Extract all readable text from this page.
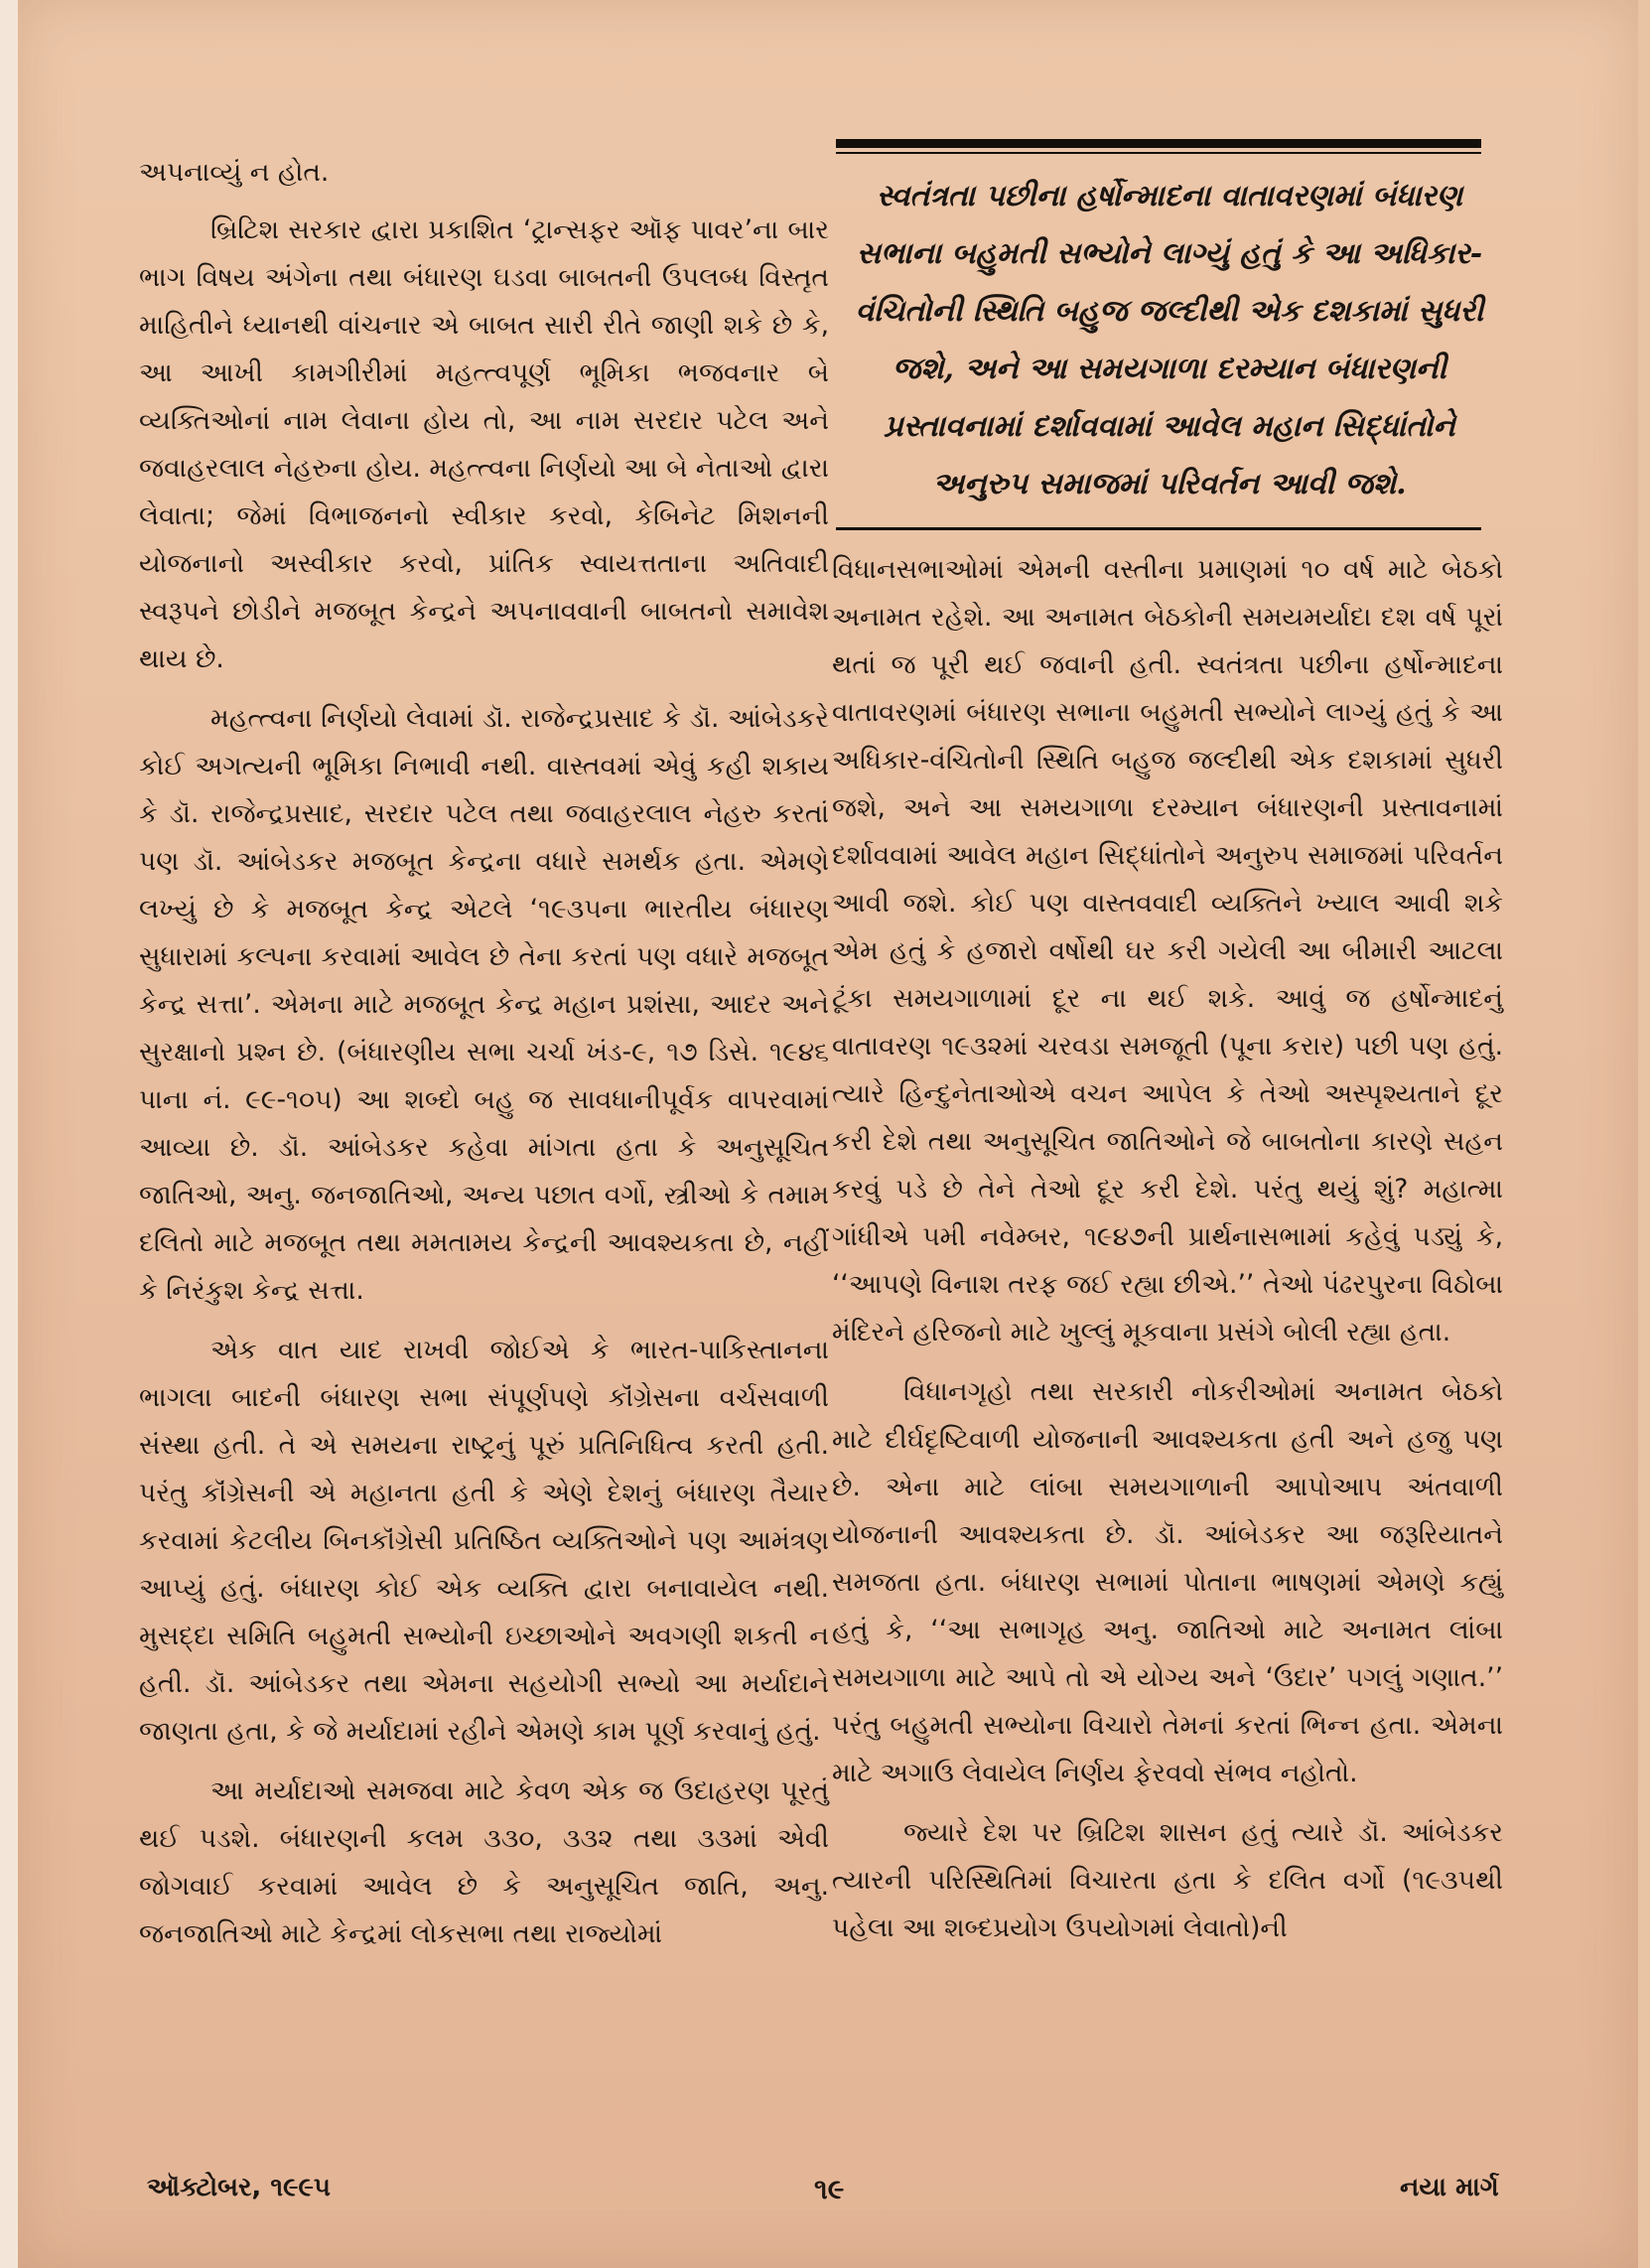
અપનાવ્યું ન હોત.

બ્રિટિશ સરકાર દ્વારા પ્રકાશિત ‘ટ્રાન્સફર ઑફ પાવર’ના બાર ભાગ વિષય અંગેના તથા બંધારણ ઘડવા બાબતની ઉપલબ્ધ વિસ્તૃત માહિતીને ધ્યાનથી વાંચનાર એ બાબત સારી રીતે જાણી શકે છે કે, આ આખી કામગીરીમાં મહત્ત્વપૂર્ણ ભૂમિકા ભજવનાર બે વ્યક્તિઓનાં નામ લેવાના હોય તો, આ નામ સરદાર પટેલ અને જવાહરલાલ નેહરુના હોય. મહત્ત્વના નિર્ણયો આ બે નેતાઓ દ્વારા લેવાતા; જેમાં વિભાજનનો સ્વીકાર કરવો, કેબિનેટ મિશનની યોજનાનો અસ્વીકાર કરવો, પ્રાંતિક સ્વાયત્તતાના અતિવાદી સ્વરૂપને છોડીને મજબૂત કેન્દ્રને અપનાવવાની બાબતનો સમાવેશ થાય છે.

મહત્ત્વના નિર્ણયો લેવામાં ડૉ. રાજેન્દ્રપ્રસાદ કે ડૉ. આંબેડકરે કોઈ અગત્યની ભૂમિકા નિભાવી નથી. વાસ્તવમાં એવું કહી શકાય કે ડૉ. રાજેન્દ્રપ્રસાદ, સરદાર પટેલ તથા જવાહરલાલ નેહરુ કરતાં પણ ડૉ. આંબેડકર મજબૂત કેન્દ્રના વધારે સમર્થક હતા. એમણે લખ્યું છે કે મજબૂત કેન્દ્ર એટલે ‘૧૯૩૫ના ભારતીય બંધારણ સુધારામાં કલ્પના કરવામાં આવેલ છે તેના કરતાં પણ વધારે મજબૂત કેન્દ્ર સત્તા’. એમના માટે મજબૂત કેન્દ્ર મહાન પ્રશંસા, આદર અને સુરક્ષાનો પ્રશ્ન છે. (બંધારણીય સભા ચર્ચા ખંડ-૯, ૧૭ ડિસે. ૧૯૪૬ પાના નં. ૯૯-૧૦૫) આ શબ્દો બહુ જ સાવધાનીપૂર્વક વાપરવામાં આવ્યા છે. ડૉ. આંબેડકર કહેવા માંગતા હતા કે અનુસૂચિત જાતિઓ, અનુ. જનજાતિઓ, અન્ય પછાત વર્ગો, સ્ત્રીઓ કે તમામ દલિતો માટે મજબૂત તથા મમતામય કેન્દ્રની આવશ્યકતા છે, નહીં કે નિરંકુશ કેન્દ્ર સત્તા.

એક વાત યાદ રાખવી જોઈએ કે ભારત-પાકિસ્તાનના ભાગલા બાદની બંધારણ સભા સંપૂર્ણપણે કૉંગ્રેસના વર્ચસવાળી સંસ્થા હતી. તે એ સમયના રાષ્ટ્રનું પૂરું પ્રતિનિધિત્વ કરતી હતી. પરંતુ કૉંગ્રેસની એ મહાનતા હતી કે એણે દેશનું બંધારણ તૈયાર કરવામાં કેટલીય બિનકૉંગ્રેસી પ્રતિષ્ઠિત વ્યક્તિઓને પણ આમંત્રણ આપ્યું હતું. બંધારણ કોઈ એક વ્યક્તિ દ્વારા બનાવાયેલ નથી. મુસદ્દા સમિતિ બહુમતી સભ્યોની ઇચ્છાઓને અવગણી શકતી ન હતી. ડૉ. આંબેડકર તથા એમના સહયોગી સભ્યો આ મર્યાદાને જાણતા હતા, કે જે મર્યાદામાં રહીને એમણે કામ પૂર્ણ કરવાનું હતું.

આ મર્યાદાઓ સમજવા માટે કેવળ એક જ ઉદાહરણ પૂરતું થઈ પડશે. બંધારણની કલમ ૩૩૦, ૩૩૨ તથા ૩૩માં એવી જોગવાઈ કરવામાં આવેલ છે કે અનુસૂચિત જાતિ, અનુ. જનજાતિઓ માટે કેન્દ્રમાં લોકસભા તથા રાજ્યોમાં

સ્વતંત્રતા પછીના હર્ષોન્માદના વાતાવરણમાં બંધારણ સભાના બહુમતી સભ્યોને લાગ્યું હતું કે આ અધિકાર-વંચિતોની સ્થિતિ બહુજ જલ્દીથી એક દશકામાં સુધરી જશે, અને આ સમયગાળા દરમ્યાન બંધારણની પ્રસ્તાવનામાં દર્શાવવામાં આવેલ મહાન સિદ્ધાંતોને અનુરુપ સમાજમાં પરિવર્તન આવી જશે.

વિધાનસભાઓમાં એમની વસ્તીના પ્રમાણમાં ૧૦ વર્ષ માટે બેઠકો અનામત રહેશે. આ અનામત બેઠકોની સમયમર્યાદા દશ વર્ષ પૂરાં થતાં જ પૂરી થઈ જવાની હતી. સ્વતંત્રતા પછીના હર્ષોન્માદના વાતાવરણમાં બંધારણ સભાના બહુમતી સભ્યોને લાગ્યું હતું કે આ અધિકાર-વંચિતોની સ્થિતિ બહુજ જલ્દીથી એક દશકામાં સુધરી જશે, અને આ સમયગાળા દરમ્યાન બંધારણની પ્રસ્તાવનામાં દર્શાવવામાં આવેલ મહાન સિદ્ધાંતોને અનુરુપ સમાજમાં પરિવર્તન આવી જશે. કોઈ પણ વાસ્તવવાદી વ્યક્તિને ખ્યાલ આવી શકે એમ હતું કે હજારો વર્ષોથી ઘર કરી ગયેલી આ બીમારી આટલા ટૂંકા સમયગાળામાં દૂર ના થઈ શકે. આવું જ હર્ષોન્માદનું વાતાવરણ ૧૯૩૨માં ચરવડા સમજૂતી (પૂના કરાર) પછી પણ હતું. ત્યારે હિન્દુનેતાઓએ વચન આપેલ કે તેઓ અસ્પૃશ્યતાને દૂર કરી દેશે તથા અનુસૂચિત જાતિઓને જે બાબતોના કારણે સહન કરવું પડે છે તેને તેઓ દૂર કરી દેશે. પરંતુ થયું શું? મહાત્મા ગાંધીએ ૫મી નવેમ્બર, ૧૯૪૭ની પ્રાર્થનાસભામાં કહેવું પડ્યું કે, ‘‘આપણે વિનાશ તરફ જઈ રહ્યા છીએ.’’ તેઓ પંઢરપુરના વિઠોબા મંદિરને હરિજનો માટે ખુલ્લું મૂકવાના પ્રસંગે બોલી રહ્યા હતા.

વિધાનગૃહો તથા સરકારી નોકરીઓમાં અનામત બેઠકો માટે દીર્ઘદૃષ્ટિવાળી યોજનાની આવશ્યકતા હતી અને હજુ પણ છે. એના માટે લાંબા સમયગાળાની આપોઆપ અંતવાળી યોજનાની આવશ્યકતા છે. ડૉ. આંબેડકર આ જરૂરિયાતને સમજતા હતા. બંધારણ સભામાં પોતાના ભાષણમાં એમણે કહ્યું હતું કે, ‘‘આ સભાગૃહ અનુ. જાતિઓ માટે અનામત લાંબા સમયગાળા માટે આપે તો એ યોગ્ય અને ‘ઉદાર’ પગલું ગણાત.’’ પરંતુ બહુમતી સભ્યોના વિચારો તેમનાં કરતાં ભિન્ન હતા. એમના માટે અગાઉ લેવાયેલ નિર્ણય ફેરવવો સંભવ નહોતો.

જ્યારે દેશ પર બ્રિટિશ શાસન હતું ત્યારે ડૉ. આંબેડકર ત્યારની પરિસ્થિતિમાં વિચારતા હતા કે દલિત વર્ગો (૧૯૩૫થી પહેલા આ શબ્દપ્રયોગ ઉપયોગમાં લેવાતો)ની

ઑક્ટોબર, ૧૯૯૫	૧૯	નયા માર્ગ
